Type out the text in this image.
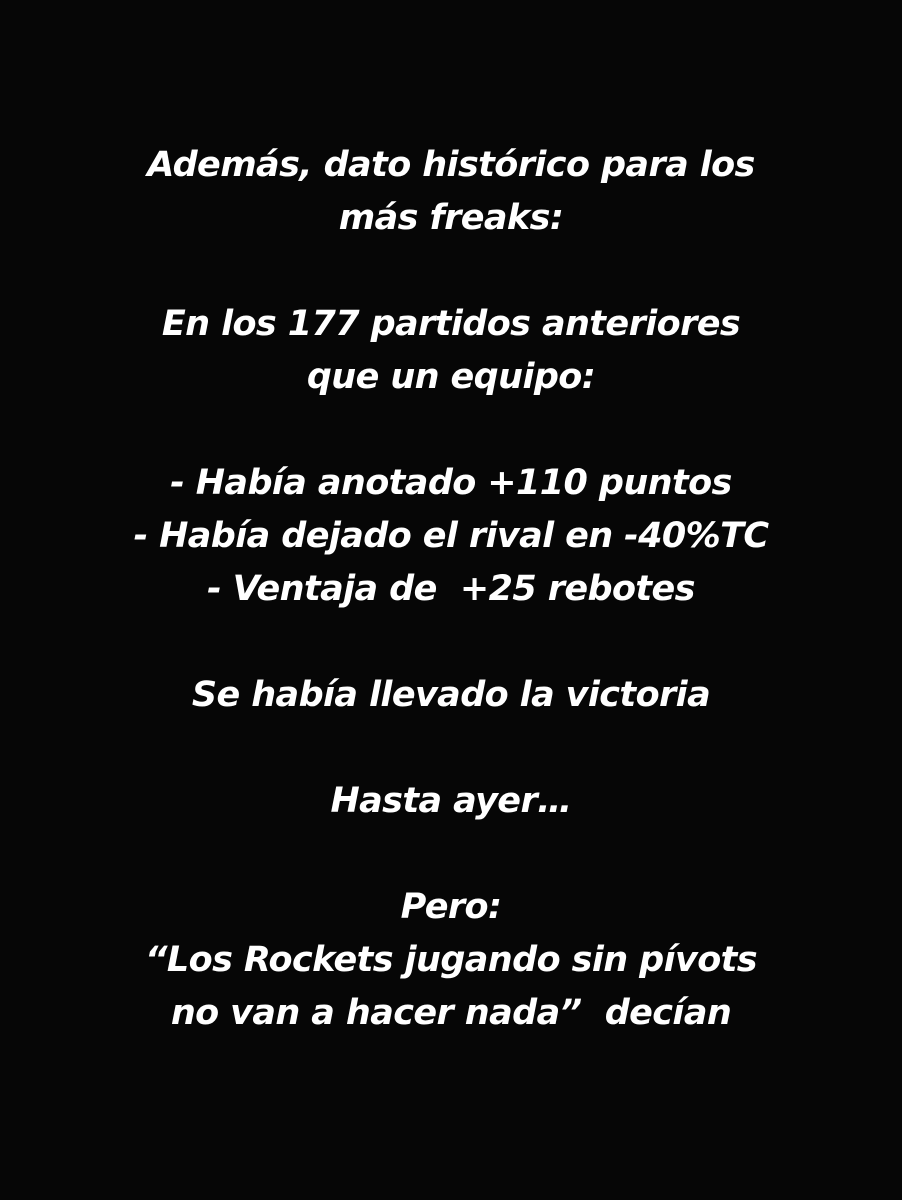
Además, dato histórico para los
más freaks:
En los 177 partidos anteriores
que un equipo:
- Había anotado +110 puntos
- Había dejado el rival en -40%TC
- Ventaja de  +25 rebotes
Se había llevado la victoria
Hasta ayer…
Pero:
“Los Rockets jugando sin pívots
no van a hacer nada”  decían
